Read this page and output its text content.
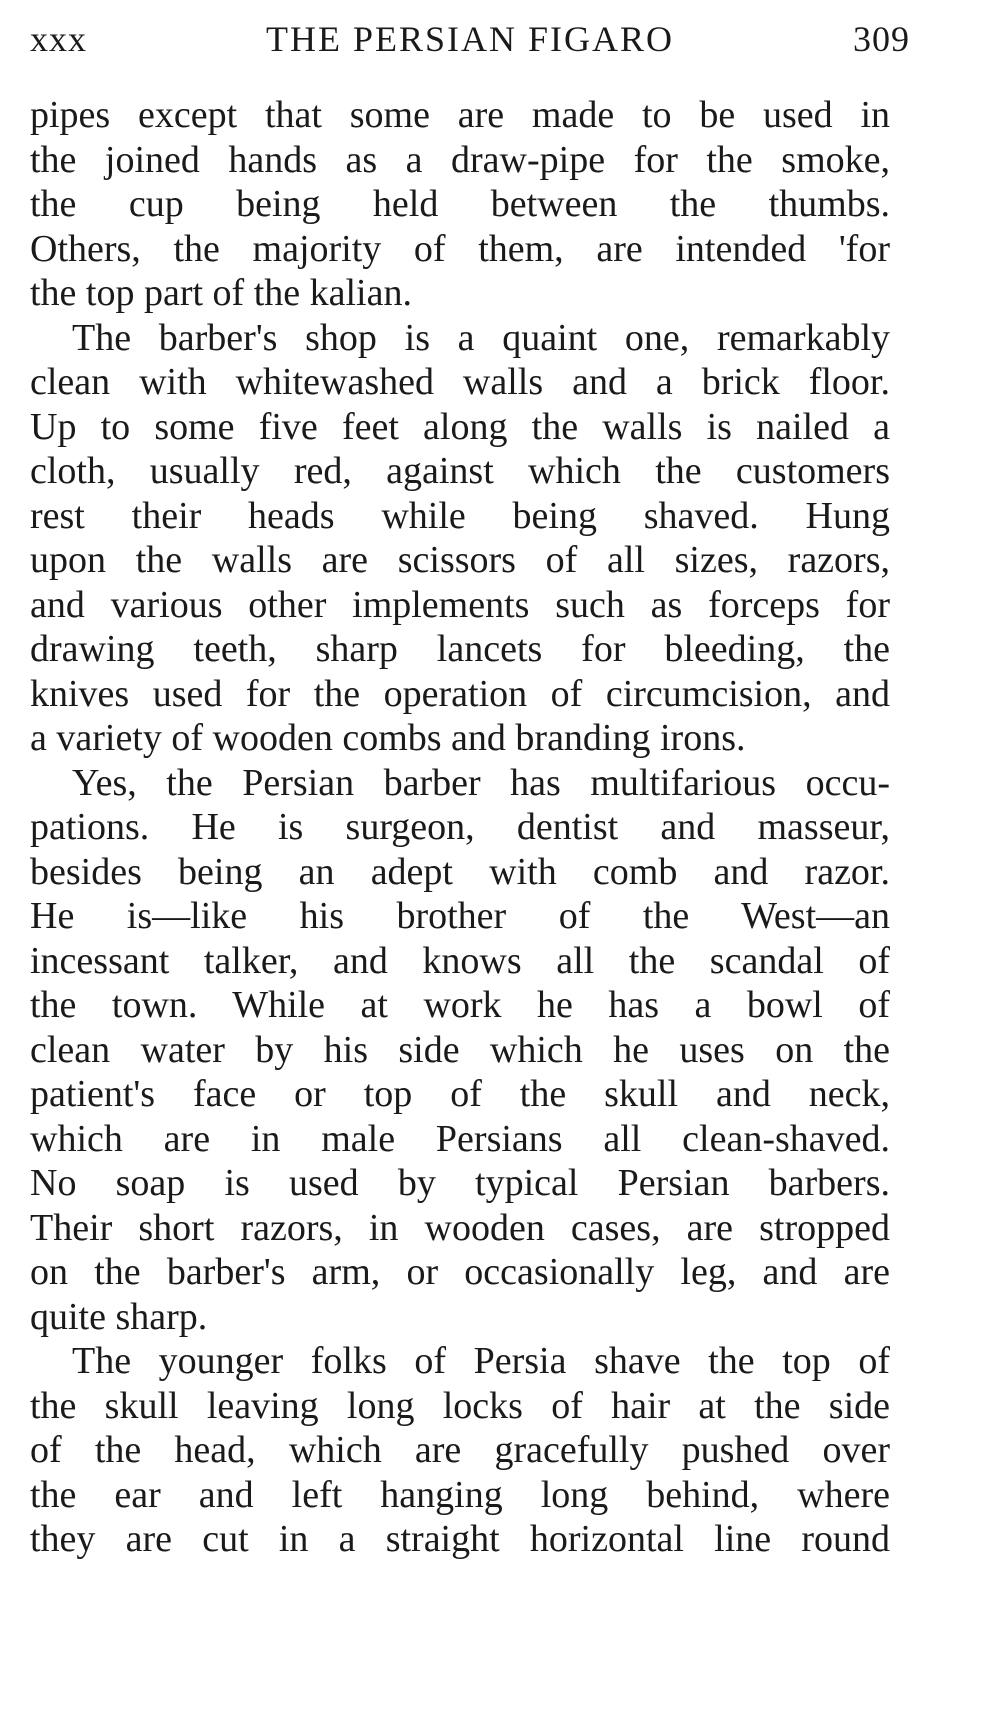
xxx	THE PERSIAN FIGARO	309
pipes except that some are made to be used in
the joined hands as a draw-pipe for the smoke,
the cup being held between the thumbs.
Others, the majority of them, are intended 'for
the top part of the kalian.
The barber's shop is a quaint one, remarkably
clean with whitewashed walls and a brick floor.
Up to some five feet along the walls is nailed a
cloth, usually red, against which the customers
rest their heads while being shaved. Hung
upon the walls are scissors of all sizes, razors,
and various other implements such as forceps for
drawing teeth, sharp lancets for bleeding, the
knives used for the operation of circumcision, and
a variety of wooden combs and branding irons.
Yes, the Persian barber has multifarious occu-
pations. He is surgeon, dentist and masseur,
besides being an adept with comb and razor.
He is—like his brother of the West—an
incessant talker, and knows all the scandal of
the town. While at work he has a bowl of
clean water by his side which he uses on the
patient's face or top of the skull and neck,
which are in male Persians all clean-shaved.
No soap is used by typical Persian barbers.
Their short razors, in wooden cases, are stropped
on the barber's arm, or occasionally leg, and are
quite sharp.
The younger folks of Persia shave the top of
the skull leaving long locks of hair at the side
of the head, which are gracefully pushed over
the ear and left hanging long behind, where
they are cut in a straight horizontal line round
